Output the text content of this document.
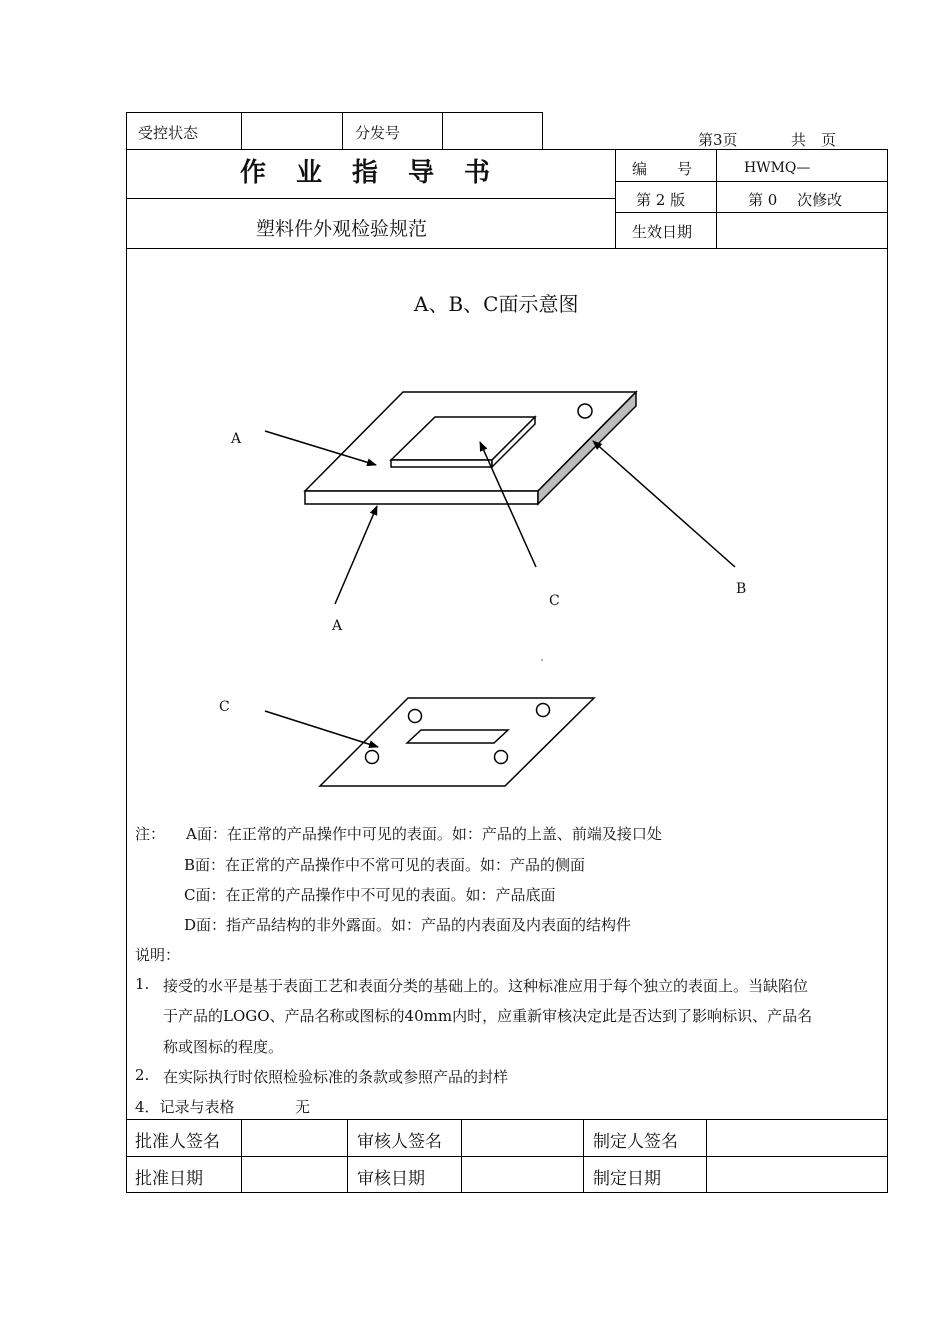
受控状态	分发号	第3页	共　页
作业指导书
塑料件外观检验规范
编　　号	HWMQ—
第 2 版	第 0　 次修改
生效日期
A、B、C面示意图
A
A
B
C
C
注： A面：在正常的产品操作中可见的表面。如：产品的上盖、前端及接口处
B面：在正常的产品操作中不常可见的表面。如：产品的侧面
C面：在正常的产品操作中不可见的表面。如：产品底面
D面：指产品结构的非外露面。如：产品的内表面及内表面的结构件
说明：
1. 接受的水平是基于表面工艺和表面分类的基础上的。这种标准应用于每个独立的表面上。当缺陷位
于产品的LOGO、产品名称或图标的40mm内时，应重新审核决定此是否达到了影响标识、产品名
称或图标的程度。
2. 在实际执行时依照检验标准的条款或参照产品的封样
4．记录与表格	无
批准人签名	审核人签名	制定人签名
批准日期	审核日期	制定日期
